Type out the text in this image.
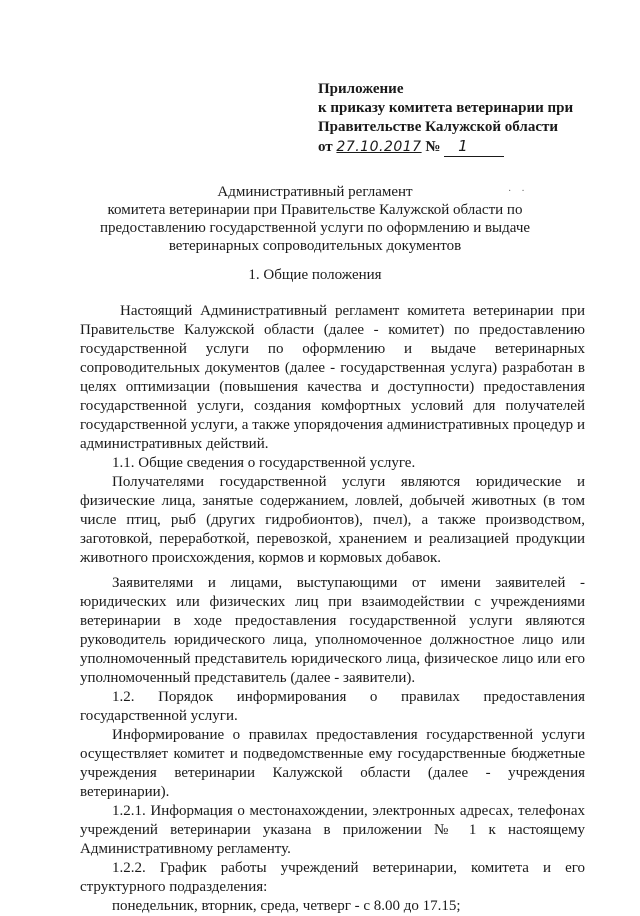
Приложение
к приказу комитета ветеринарии при
Правительстве Калужской области
от 27.10.2017 № 1
·    ·
Административный регламент
комитета ветеринарии при Правительстве Калужской области по
предоставлению государственной услуги по оформлению и выдаче
ветеринарных сопроводительных документов
1. Общие положения

Настоящий Административный регламент комитета ветеринарии при Правительстве Калужской области (далее - комитет) по предоставлению государственной услуги по оформлению и выдаче ветеринарных сопроводительных документов (далее - государственная услуга) разработан в целях оптимизации (повышения качества и доступности) предоставления государственной услуги, создания комфортных условий для получателей государственной услуги, а также упорядочения административных процедур и административных действий.

1.1. Общие сведения о государственной услуге.

Получателями государственной услуги являются юридические и физические лица, занятые содержанием, ловлей, добычей животных (в том числе птиц, рыб (других гидробионтов), пчел), а также производством, заготовкой, переработкой, перевозкой, хранением и реализацией продукции животного происхождения, кормов и кормовых добавок.

Заявителями и лицами, выступающими от имени заявителей - юридических или физических лиц при взаимодействии с учреждениями ветеринарии в ходе предоставления государственной услуги являются руководитель юридического лица, уполномоченное должностное лицо или уполномоченный представитель юридического лица, физическое лицо или его уполномоченный представитель (далее - заявители).

1.2. Порядок информирования о правилах предоставления государственной услуги.

Информирование о правилах предоставления государственной услуги осуществляет комитет и подведомственные ему государственные бюджетные учреждения ветеринарии Калужской области (далее - учреждения ветеринарии).

1.2.1. Информация о местонахождении, электронных адресах, телефонах учреждений ветеринарии указана в приложении № 1 к настоящему Административному регламенту.

1.2.2. График работы учреждений ветеринарии, комитета и его структурного подразделения:

понедельник, вторник, среда, четверг - с 8.00 до 17.15;
